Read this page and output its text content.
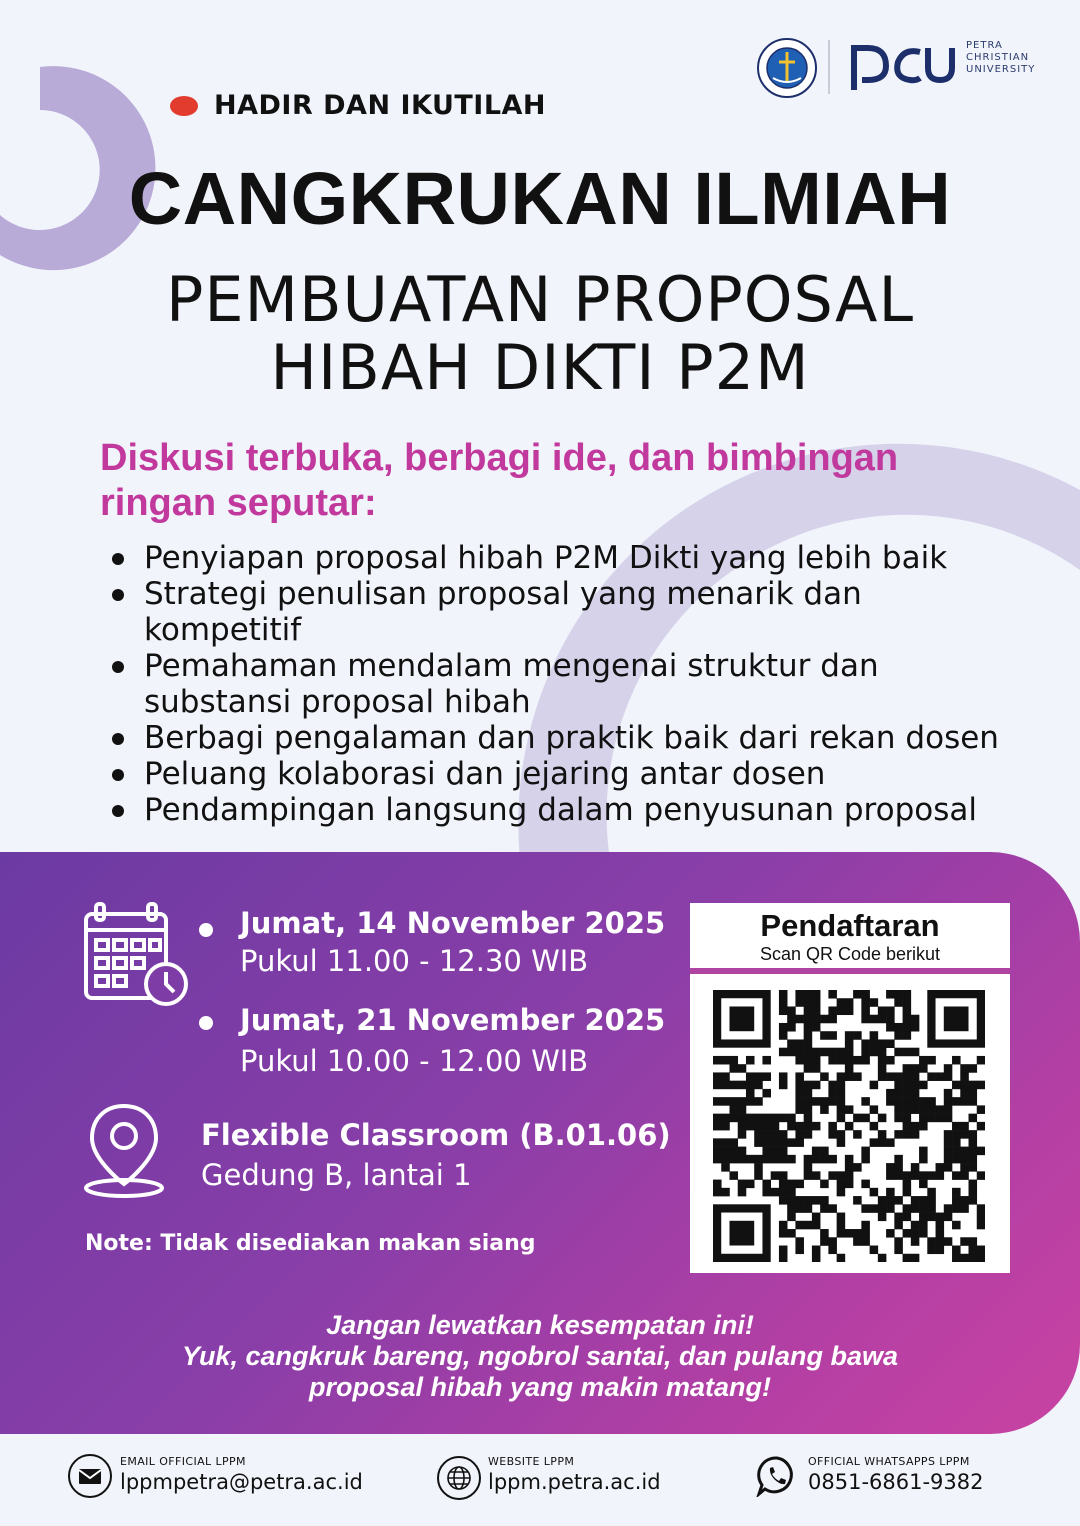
PETRA
CHRISTIAN
UNIVERSITY
HADIR DAN IKUTILAH
CANGKRUKAN ILMIAH
PEMBUATAN PROPOSAL
HIBAH DIKTI P2M
Diskusi terbuka, berbagi ide, dan bimbingan
ringan seputar:
Penyiapan proposal hibah P2M Dikti yang lebih baik
Strategi penulisan proposal yang menarik dan kompetitif
Pemahaman mendalam mengenai struktur dan substansi proposal hibah
Berbagi pengalaman dan praktik baik dari rekan dosen
Peluang kolaborasi dan jejaring antar dosen
Pendampingan langsung dalam penyusunan proposal
Jumat, 14 November 2025
Pukul 11.00 - 12.30 WIB
Jumat, 21 November 2025
Pukul 10.00 - 12.00 WIB
Flexible Classroom (B.01.06)
Gedung B, lantai 1
Note: Tidak disediakan makan siang
Pendaftaran
Scan QR Code berikut
Jangan lewatkan kesempatan ini!
Yuk, cangkruk bareng, ngobrol santai, dan pulang bawa
proposal hibah yang makin matang!
EMAIL OFFICIAL LPPM
lppmpetra@petra.ac.id
WEBSITE LPPM
lppm.petra.ac.id
OFFICIAL WHATSAPPS LPPM
0851-6861-9382
